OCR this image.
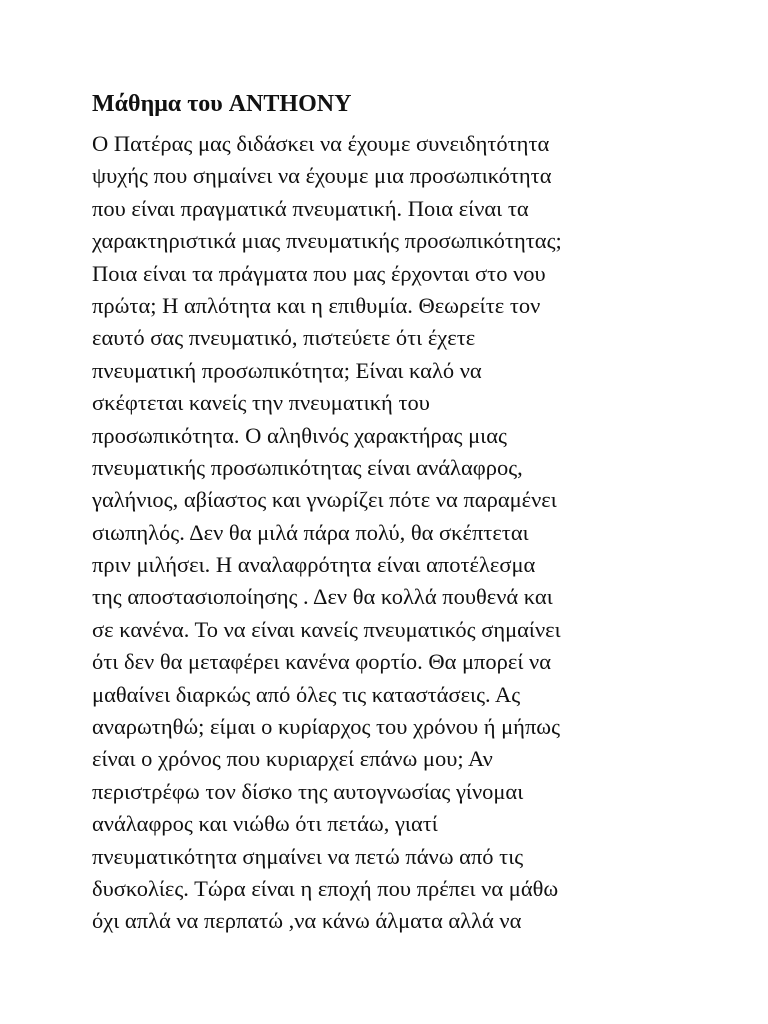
Μάθημα του ANTHONY
Ο Πατέρας μας διδάσκει να έχουμε συνειδητότητα
ψυχής που σημαίνει να έχουμε μια προσωπικότητα
που είναι πραγματικά πνευματική. Ποια είναι τα
χαρακτηριστικά μιας πνευματικής προσωπικότητας;
Ποια είναι τα πράγματα που μας έρχονται στο νου
πρώτα; Η απλότητα και η επιθυμία. Θεωρείτε τον
εαυτό σας πνευματικό, πιστεύετε ότι έχετε
πνευματική προσωπικότητα; Είναι καλό να
σκέφτεται κανείς την πνευματική του
προσωπικότητα. Ο αληθινός χαρακτήρας μιας
πνευματικής προσωπικότητας είναι ανάλαφρος,
γαλήνιος, αβίαστος και γνωρίζει πότε να παραμένει
σιωπηλός. Δεν θα μιλά πάρα πολύ, θα σκέπτεται
πριν μιλήσει. Η αναλαφρότητα είναι αποτέλεσμα
της αποστασιοποίησης . Δεν θα κολλά πουθενά και
σε κανένα. Το να είναι κανείς πνευματικός σημαίνει
ότι δεν θα μεταφέρει κανένα φορτίο. Θα μπορεί να
μαθαίνει διαρκώς από όλες τις καταστάσεις. Ας
αναρωτηθώ; είμαι ο κυρίαρχος του χρόνου ή μήπως
είναι ο χρόνος που κυριαρχεί επάνω μου; Αν
περιστρέφω τον δίσκο της αυτογνωσίας γίνομαι
ανάλαφρος και νιώθω ότι πετάω, γιατί
πνευματικότητα σημαίνει να πετώ πάνω από τις
δυσκολίες. Τώρα είναι η εποχή που πρέπει να μάθω
όχι απλά να περπατώ ,να κάνω άλματα αλλά να
